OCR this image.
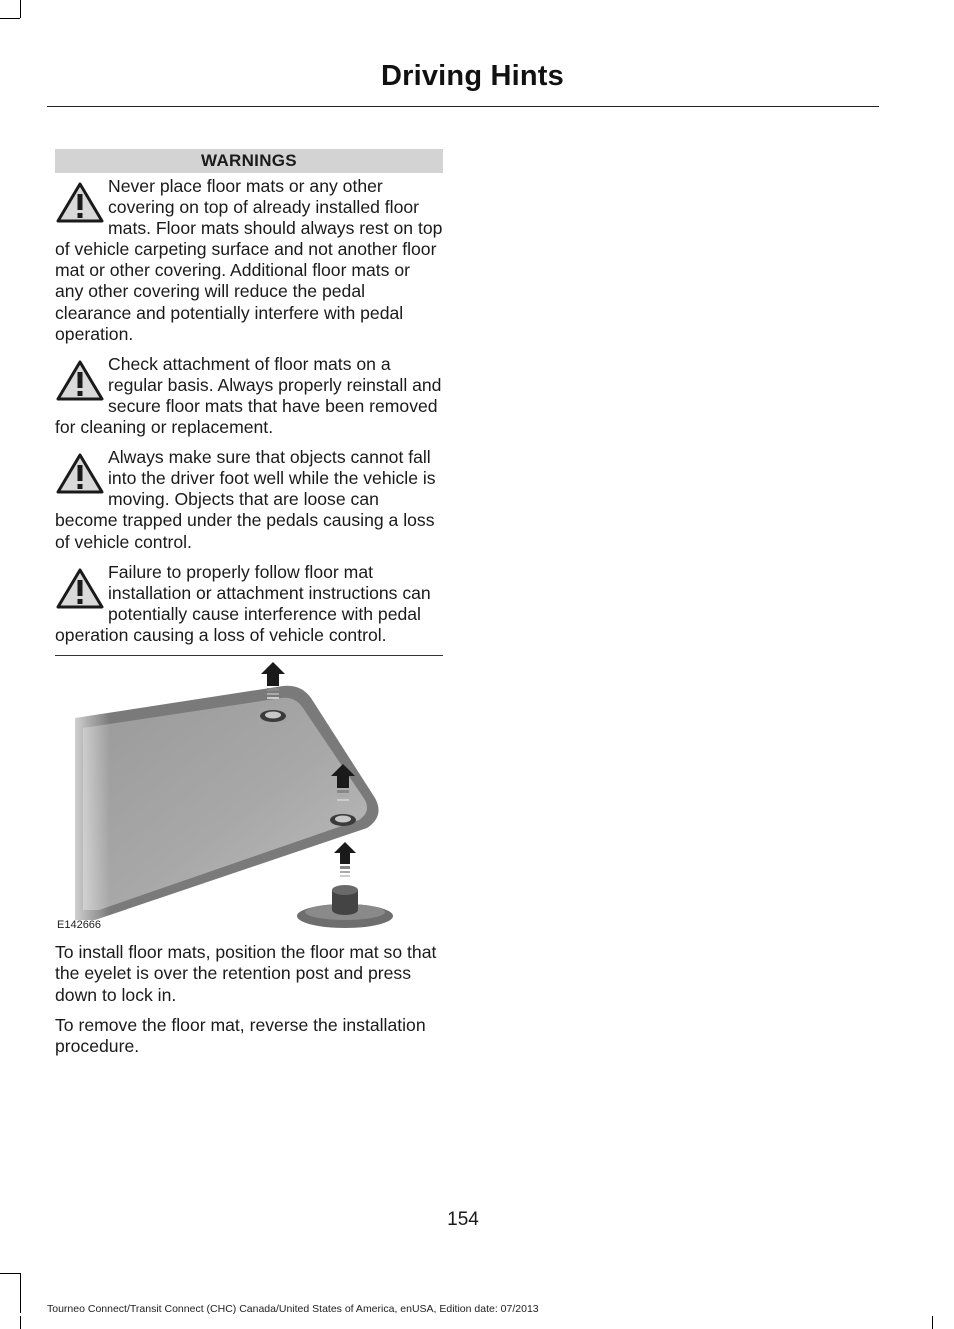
Driving Hints
WARNINGS
Never place floor mats or any other covering on top of already installed floor mats. Floor mats should always rest on top of vehicle carpeting surface and not another floor mat or other covering. Additional floor mats or any other covering will reduce the pedal clearance and potentially interfere with pedal operation.
Check attachment of floor mats on a regular basis. Always properly reinstall and secure floor mats that have been removed for cleaning or replacement.
Always make sure that objects cannot fall into the driver foot well while the vehicle is moving. Objects that are loose can become trapped under the pedals causing a loss of vehicle control.
Failure to properly follow floor mat installation or attachment instructions can potentially cause interference with pedal operation causing a loss of vehicle control.
E142666

To install floor mats, position the floor mat so that the eyelet is over the retention post and press down to lock in.

To remove the floor mat, reverse the installation procedure.

154
Tourneo Connect/Transit Connect (CHC) Canada/United States of America, enUSA, Edition date: 07/2013
